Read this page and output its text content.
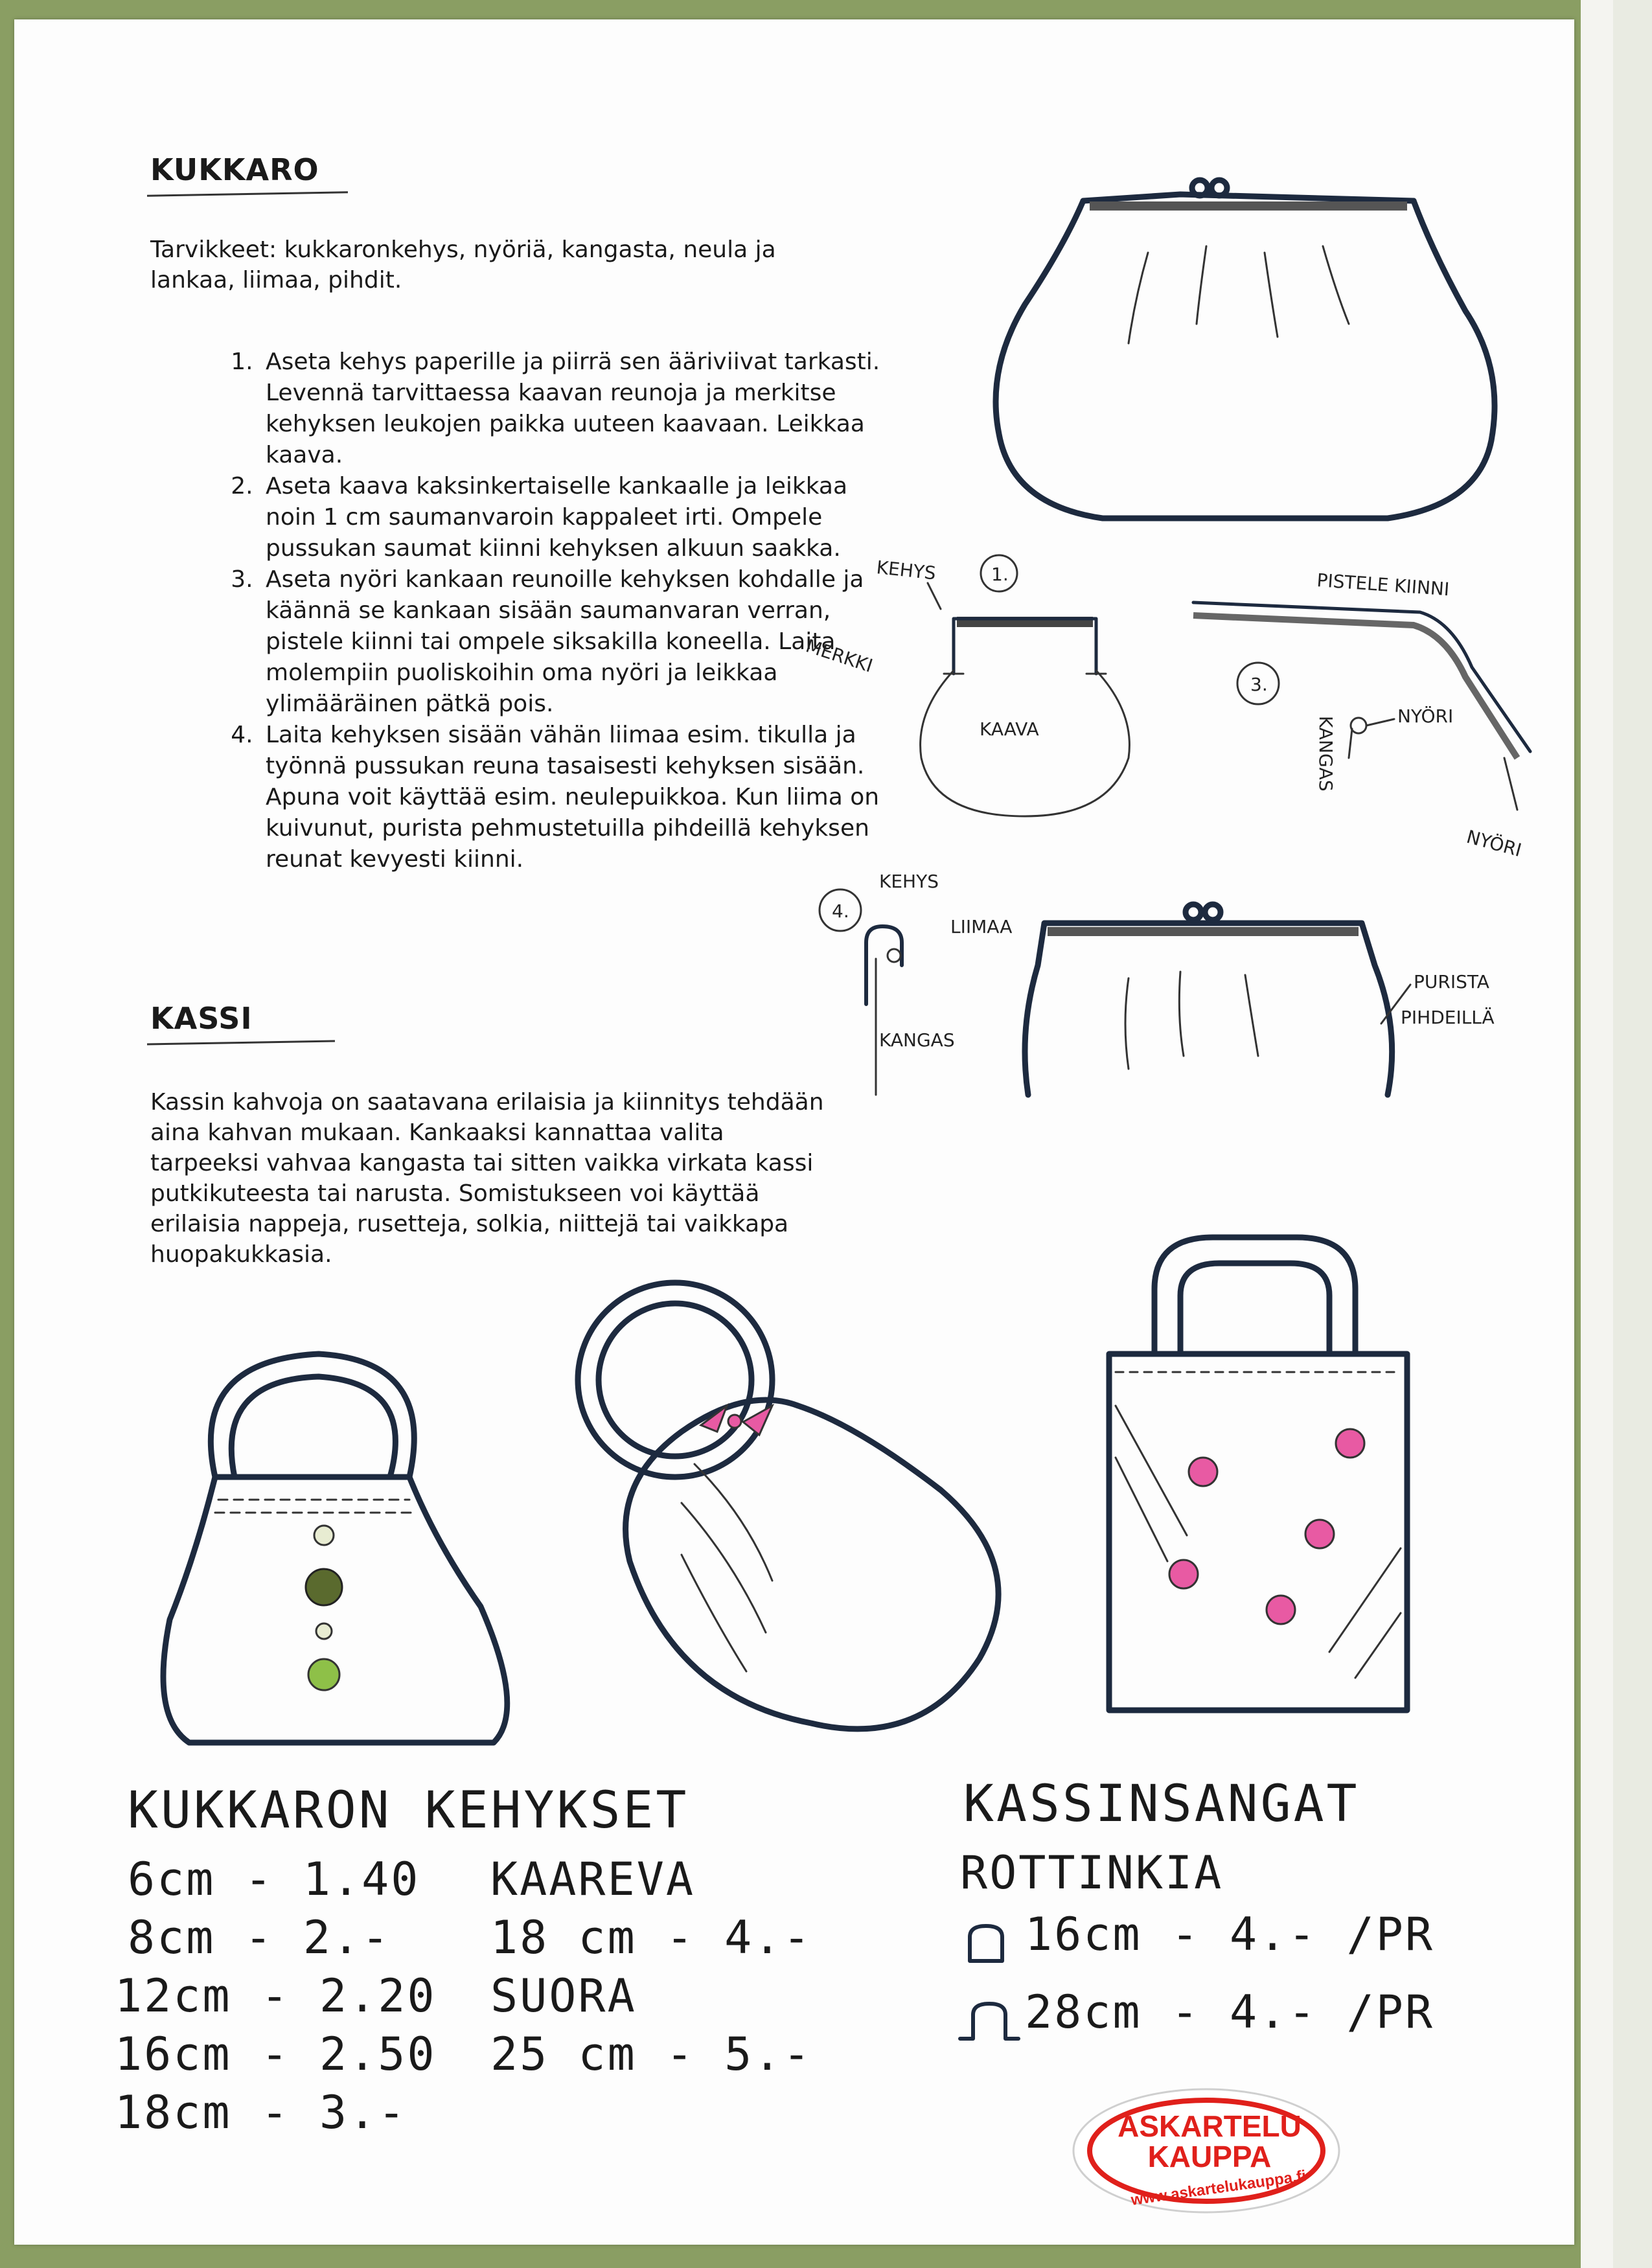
KUKKARO
Tarvikkeet: kukkaronkehys, nyöriä, kangasta, neula ja lankaa, liimaa, pihdit.
1. Aseta kehys paperille ja piirrä sen ääriviivat tarkasti. Levennä tarvittaessa kaavan reunoja ja merkitse kehyksen leukojen paikka uuteen kaavaan. Leikkaa kaava.
2. Aseta kaava kaksinkertaiselle kankaalle ja leikkaa noin 1 cm saumanvaroin kappaleet irti. Ompele pussukan saumat kiinni kehyksen alkuun saakka.
3. Aseta nyöri kankaan reunoille kehyksen kohdalle ja käännä se kankaan sisään saumanvaran verran, pistele kiinni tai ompele siksakilla koneella. Laita molempiin puoliskoihin oma nyöri ja leikkaa ylimääräinen pätkä pois.
4. Laita kehyksen sisään vähän liimaa esim. tikulla ja työnnä pussukan reuna tasaisesti kehyksen sisään. Apuna voit käyttää esim. neulepuikkoa. Kun liima on kuivunut, purista pehmustetuilla pihdeillä kehyksen reunat kevyesti kiinni.
KASSI
Kassin kahvoja on saatavana erilaisia ja kiinnitys tehdään aina kahvan mukaan. Kankaaksi kannattaa valita tarpeeksi vahvaa kangasta tai sitten vaikka virkata kassi putkikuteesta tai narusta. Somistukseen voi käyttää erilaisia nappeja, rusetteja, solkia, niittejä tai vaikkapa huopakukkasia.
1.
KEHYS
MERKKI
KAAVA
PISTELE KIINNI
3.
NYÖRI
KANGAS
NYÖRI
4.
KEHYS
LIIMAA
KANGAS
PURISTA
PIHDEILLÄ
KUKKARON KEHYKSET
6cm - 1.40
8cm - 2.-
12cm - 2.20
16cm - 2.50
18cm - 3.-
KAAREVA
18 cm - 4.-
SUORA
25 cm - 5.-
KASSINSANGAT
ROTTINKIA
16cm - 4.- /PR
28cm - 4.- /PR
ASKARTELU
KAUPPA
www.askartelukauppa.fi
